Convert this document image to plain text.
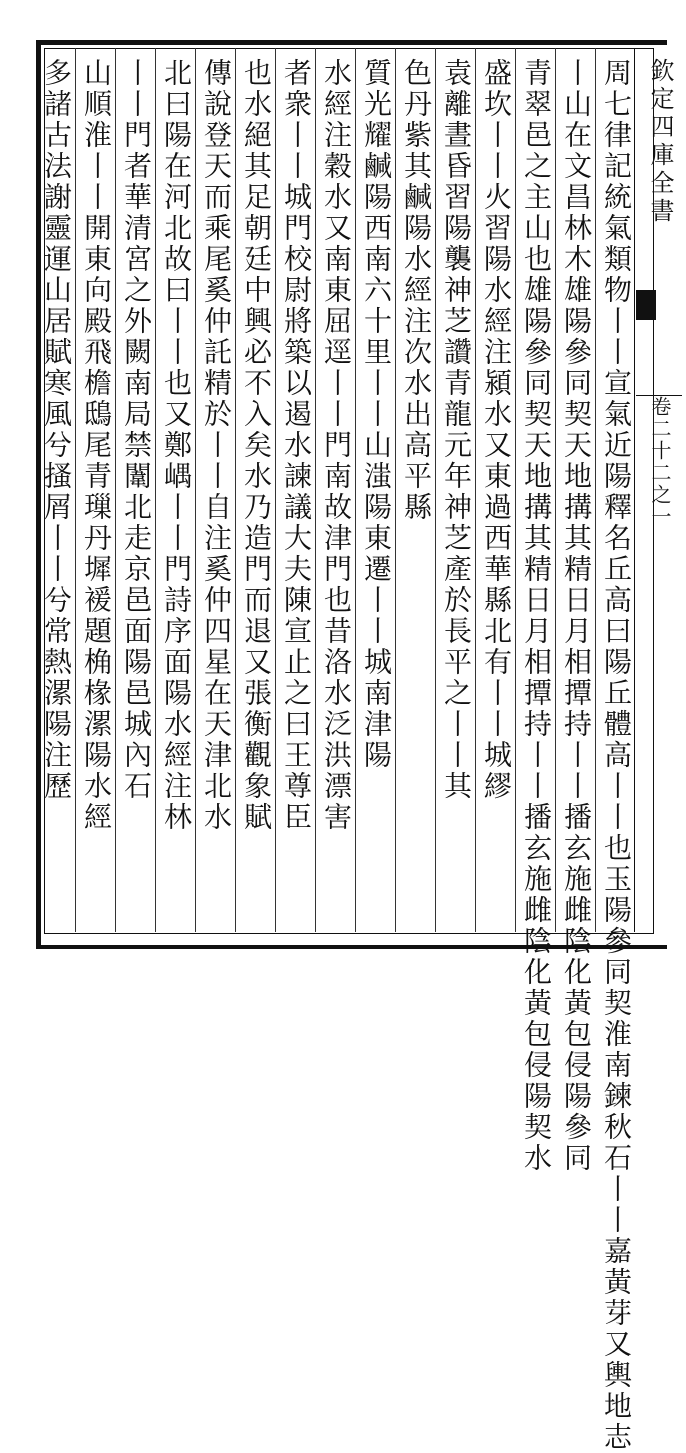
欽定四庫全書
卷二十二之一
周七律記統氣類物丨丨宣氣近陽釋名丘高曰陽丘體高丨丨也玉陽參同契淮南鍊秋石丨丨嘉黃芽又輿地志
丨山在文昌林木雄陽參同契天地搆其精日月相撢持丨丨播玄施雌陰化黃包侵陽參同
青翠邑之主山也雄陽參同契天地搆其精日月相撢持丨丨播玄施雌陰化黃包侵陽契水
盛坎丨丨火習陽水經注潁水又東過西華縣北有丨丨城繆
袁離晝昏習陽襲神芝讚青龍元年神芝產於長平之丨丨其
色丹紫其鹹陽水經注次水出高平縣
質光耀鹹陽西南六十里丨丨山滍陽東遷丨丨城南津陽
水經注穀水又南東屈逕丨丨門南故津門也昔洛水泛洪漂害
者衆丨丨城門校尉將築以遏水諫議大夫陳宣止之曰王尊臣
也水絕其足朝廷中興必不入矣水乃造門而退又張衡觀象賦
傳說登天而乘尾奚仲託精於丨丨自注奚仲四星在天津北水
北曰陽在河北故曰丨丨也又鄭嵎丨丨門詩序面陽水經注林
丨丨門者華清宮之外闕南局禁闈北走京邑面陽邑城內石
山順淮丨丨開東向殿飛檐鴟尾青璅丹墀褑題桷椽漯陽水經
多諸古法謝靈運山居賦寒風兮搔屑丨丨兮常熱漯陽注歷
